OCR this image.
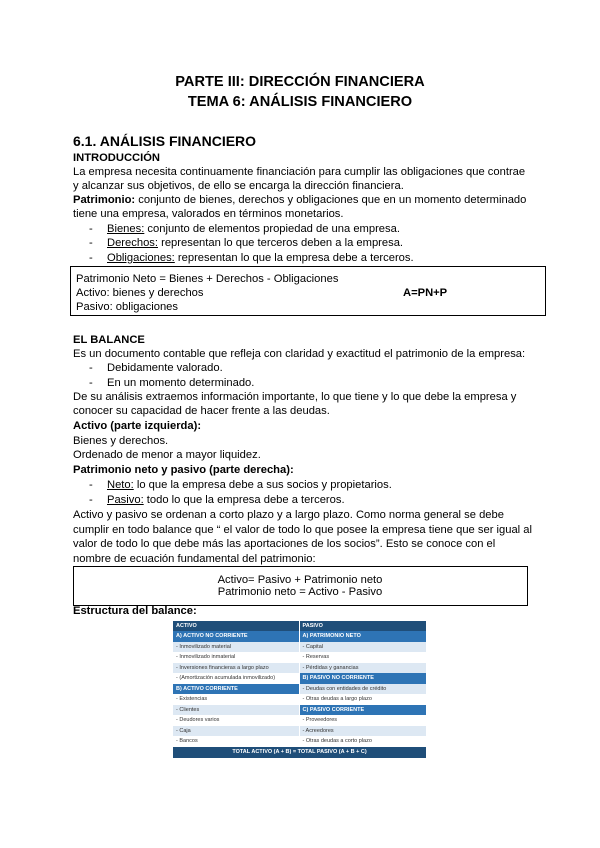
PARTE III: DIRECCIÓN FINANCIERA
TEMA 6: ANÁLISIS FINANCIERO
6.1. ANÁLISIS FINANCIERO
INTRODUCCIÓN
La empresa necesita continuamente financiación para cumplir las obligaciones que contrae
y alcanzar sus objetivos, de ello se encarga la dirección financiera.
Patrimonio: conjunto de bienes, derechos y obligaciones que en un momento determinado
tiene una empresa, valorados en términos monetarios.
- Bienes: conjunto de elementos propiedad de una empresa.
- Derechos: representan lo que terceros deben a la empresa.
- Obligaciones: representan lo que la empresa debe a terceros.
Patrimonio Neto = Bienes + Derechos - Obligaciones
Activo: bienes y derechos	A=PN+P
Pasivo: obligaciones
EL BALANCE
Es un documento contable que refleja con claridad y exactitud el patrimonio de la empresa:
- Debidamente valorado.
- En un momento determinado.
De su análisis extraemos información importante, lo que tiene y lo que debe la empresa y
conocer su capacidad de hacer frente a las deudas.
Activo (parte izquierda):
Bienes y derechos.
Ordenado de menor a mayor liquidez.
Patrimonio neto y pasivo (parte derecha):
- Neto: lo que la empresa debe a sus socios y propietarios.
- Pasivo: todo lo que la empresa debe a terceros.
Activo y pasivo se ordenan a corto plazo y a largo plazo. Como norma general se debe
cumplir en todo balance que “ el valor de todo lo que posee la empresa tiene que ser igual al
valor de todo lo que debe más las aportaciones de los socios”. Esto se conoce con el
nombre de ecuación fundamental del patrimonio:
Activo= Pasivo + Patrimonio neto
Patrimonio neto = Activo - Pasivo
Estructura del balance:
ACTIVO	PASIVO
A) ACTIVO NO CORRIENTE
- Inmovilizado material
- Inmovilizado inmaterial
- Inversiones financieras a largo plazo
- (Amortización acumulada inmovilizado)
B) ACTIVO CORRIENTE
- Existencias
- Clientes
- Deudores varios
- Caja
- Bancos
A) PATRIMONIO NETO
- Capital
- Reservas
- Pérdidas y ganancias
B) PASIVO NO CORRIENTE
- Deudas con entidades de crédito
- Otras deudas a largo plazo
C) PASIVO CORRIENTE
- Proveedores
- Acreedores
- Otras deudas a corto plazo
TOTAL ACTIVO (A + B) = TOTAL PASIVO (A + B + C)
